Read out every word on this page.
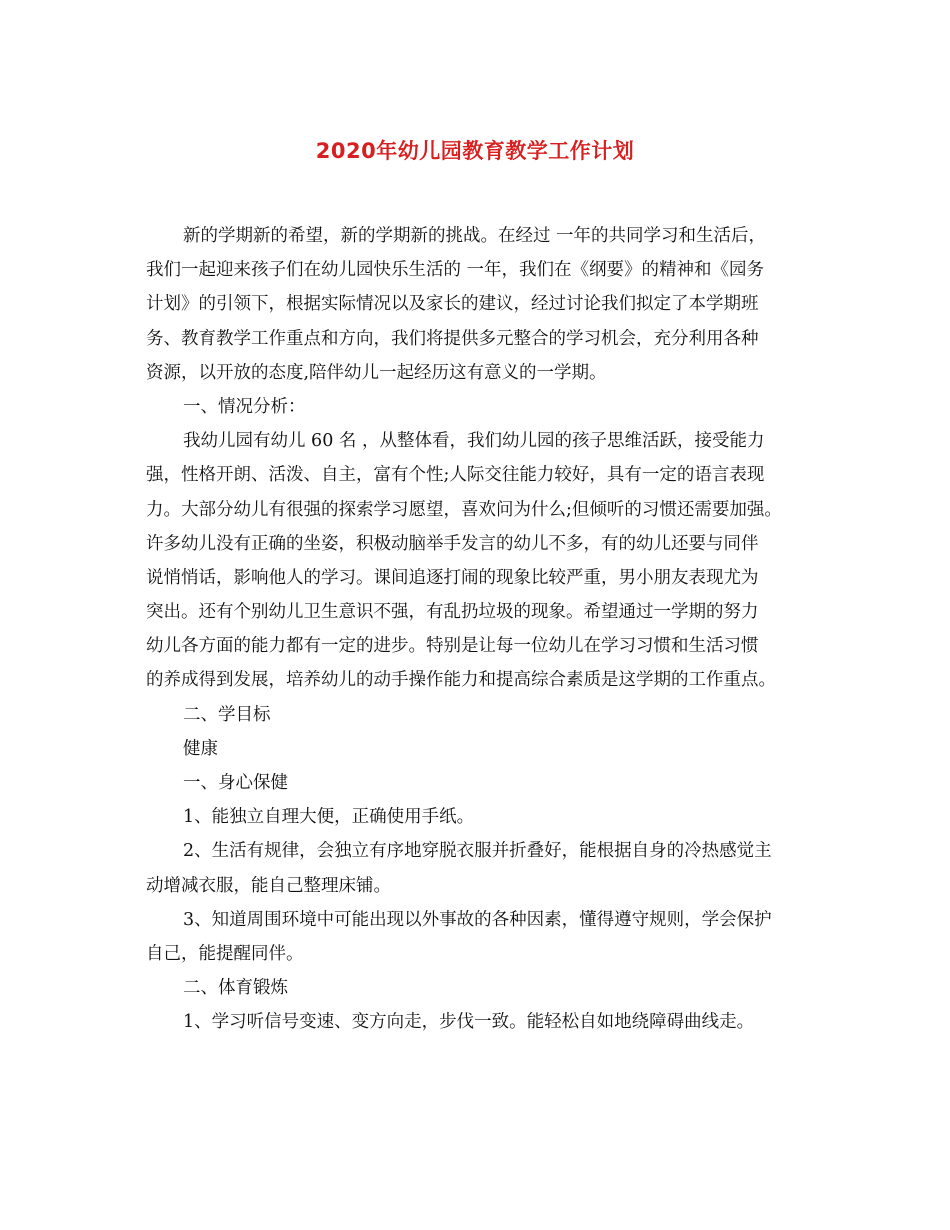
2020年幼儿园教育教学工作计划
新的学期新的希望，新的学期新的挑战。在经过 一年的共同学习和生活后，
我们一起迎来孩子们在幼儿园快乐生活的 一年，我们在《纲要》的精神和《园务
计划》的引领下，根据实际情况以及家长的建议，经过讨论我们拟定了本学期班
务、教育教学工作重点和方向，我们将提供多元整合的学习机会，充分利用各种
资源，以开放的态度,陪伴幼儿一起经历这有意义的一学期。
一、情况分析：
我幼儿园有幼儿 60 名 ，从整体看，我们幼儿园的孩子思维活跃，接受能力
强，性格开朗、活泼、自主，富有个性;人际交往能力较好，具有一定的语言表现
力。大部分幼儿有很强的探索学习愿望，喜欢问为什么;但倾听的习惯还需要加强。
许多幼儿没有正确的坐姿，积极动脑举手发言的幼儿不多，有的幼儿还要与同伴
说悄悄话，影响他人的学习。课间追逐打闹的现象比较严重，男小朋友表现尤为
突出。还有个别幼儿卫生意识不强，有乱扔垃圾的现象。希望通过一学期的努力
幼儿各方面的能力都有一定的进步。特别是让每一位幼儿在学习习惯和生活习惯
的养成得到发展，培养幼儿的动手操作能力和提高综合素质是这学期的工作重点。
二、学目标
健康
一、身心保健
1、能独立自理大便，正确使用手纸。
2、生活有规律，会独立有序地穿脱衣服并折叠好，能根据自身的冷热感觉主
动增减衣服，能自己整理床铺。
3、知道周围环境中可能出现以外事故的各种因素，懂得遵守规则，学会保护
自己，能提醒同伴。
二、体育锻炼
1、学习听信号变速、变方向走，步伐一致。能轻松自如地绕障碍曲线走。
